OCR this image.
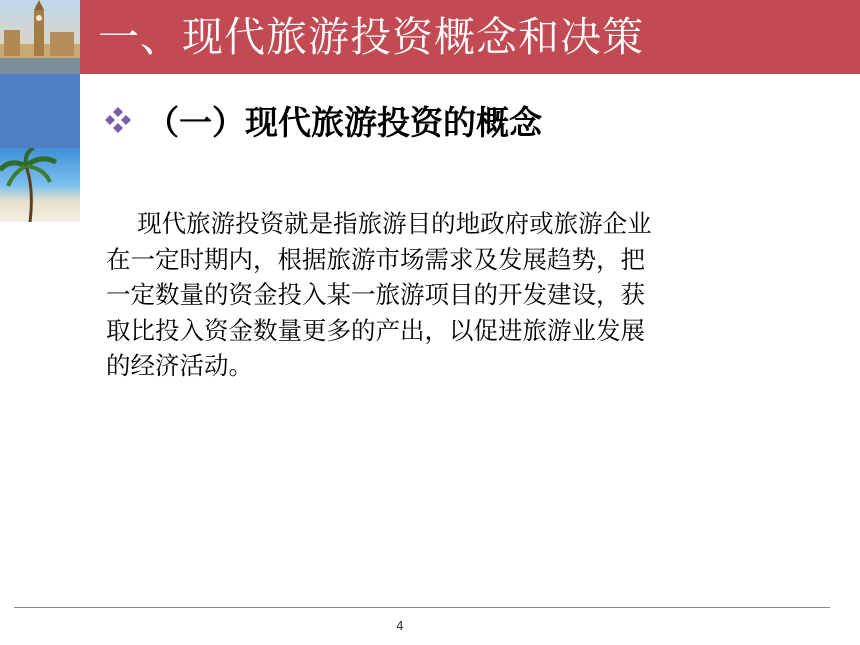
一、现代旅游投资概念和决策
（一）现代旅游投资的概念
现代旅游投资就是指旅游目的地政府或旅游企业
在一定时期内，根据旅游市场需求及发展趋势，把
一定数量的资金投入某一旅游项目的开发建设，获
取比投入资金数量更多的产出，以促进旅游业发展
的经济活动。
4
